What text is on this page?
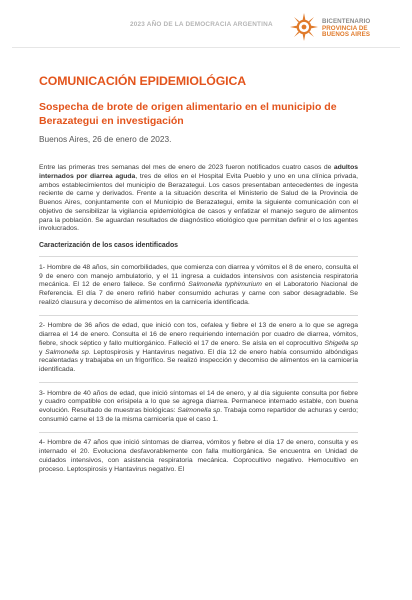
2023 AÑO DE LA DEMOCRACIA ARGENTINA	BICENTENARIO
PROVINCIA DE
BUENOS AIRES
COMUNICACIÓN EPIDEMIOLÓGICA
Sospecha de brote de origen alimentario en el municipio de Berazategui en investigación
Buenos Aires, 26 de enero de 2023.

Entre las primeras tres semanas del mes de enero de 2023 fueron notificados cuatro casos de adultos internados por diarrea aguda, tres de ellos en el Hospital Evita Pueblo y uno en una clínica privada, ambos establecimientos del municipio de Berazategui. Los casos presentaban antecedentes de ingesta reciente de carne y derivados. Frente a la situación descrita el Ministerio de Salud de la Provincia de Buenos Aires, conjuntamente con el Municipio de Berazategui, emite la siguiente comunicación con el objetivo de sensibilizar la vigilancia epidemiológica de casos y enfatizar el manejo seguro de alimentos para la población. Se aguardan resultados de diagnóstico etiológico que permitan definir el o los agentes involucrados.

Caracterización de los casos identificados

1- Hombre de 48 años, sin comorbilidades, que comienza con diarrea y vómitos el 8 de enero, consulta el 9 de enero con manejo ambulatorio, y el 11 ingresa a cuidados intensivos con asistencia respiratoria mecánica. El 12 de enero fallece. Se confirmó Salmonella typhimurium en el Laboratorio Nacional de Referencia. El día 7 de enero refirió haber consumido achuras y carne con sabor desagradable. Se realizó clausura y decomiso de alimentos en la carnicería identificada.

2- Hombre de 36 años de edad, que inició con tos, cefalea y fiebre el 13 de enero a lo que se agrega diarrea el 14 de enero. Consulta el 16 de enero requiriendo internación por cuadro de diarrea, vómitos, fiebre, shock séptico y fallo multiorgánico. Falleció el 17 de enero. Se aísla en el coprocultivo Shigella sp y Salmonella sp. Leptospirosis y Hantavirus negativo. El día 12 de enero había consumido albóndigas recalentadas y trabajaba en un frigorífico. Se realizó inspección y decomiso de alimentos en la carnicería identificada.

3- Hombre de 40 años de edad, que inició síntomas el 14 de enero, y al día siguiente consulta por fiebre y cuadro compatible con erisipela a lo que se agrega diarrea. Permanece internado estable, con buena evolución. Resultado de muestras biológicas: Salmonella sp. Trabaja como repartidor de achuras y cerdo; consumió carne el 13 de la misma carnicería que el caso 1.

4- Hombre de 47 años que inició síntomas de diarrea, vómitos y fiebre el día 17 de enero, consulta y es internado el 20. Evoluciona desfavorablemente con falla multiorgánica. Se encuentra en Unidad de cuidados intensivos, con asistencia respiratoria mecánica. Coprocultivo negativo. Hemocultivo en proceso. Leptospirosis y Hantavirus negativo. El
